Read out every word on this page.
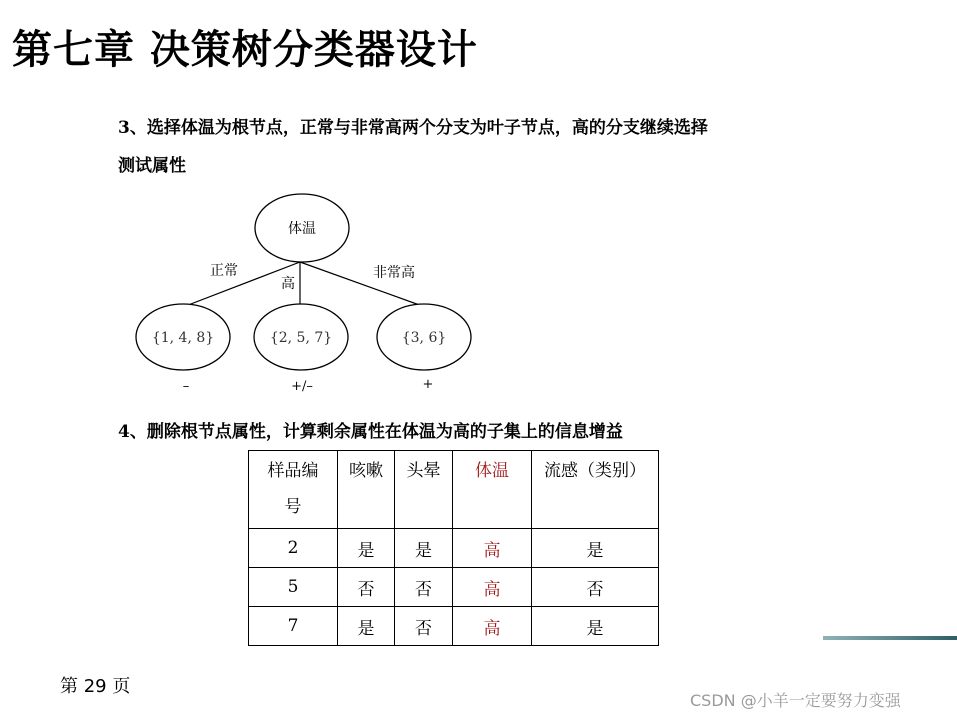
第七章 决策树分类器设计

3、选择体温为根节点，正常与非常高两个分支为叶子节点，高的分支继续选择

测试属性

体温
正常
高
非常高
{1, 4, 8}	{2, 5, 7}	{3, 6}
–	+/–	+

4、删除根节点属性，计算剩余属性在体温为高的子集上的信息增益

样品编号	咳嗽	头晕	体温	流感（类别）
2	是	是	高	是
5	否	否	高	否
7	是	否	高	是
第 29 页
CSDN @小羊一定要努力变强
